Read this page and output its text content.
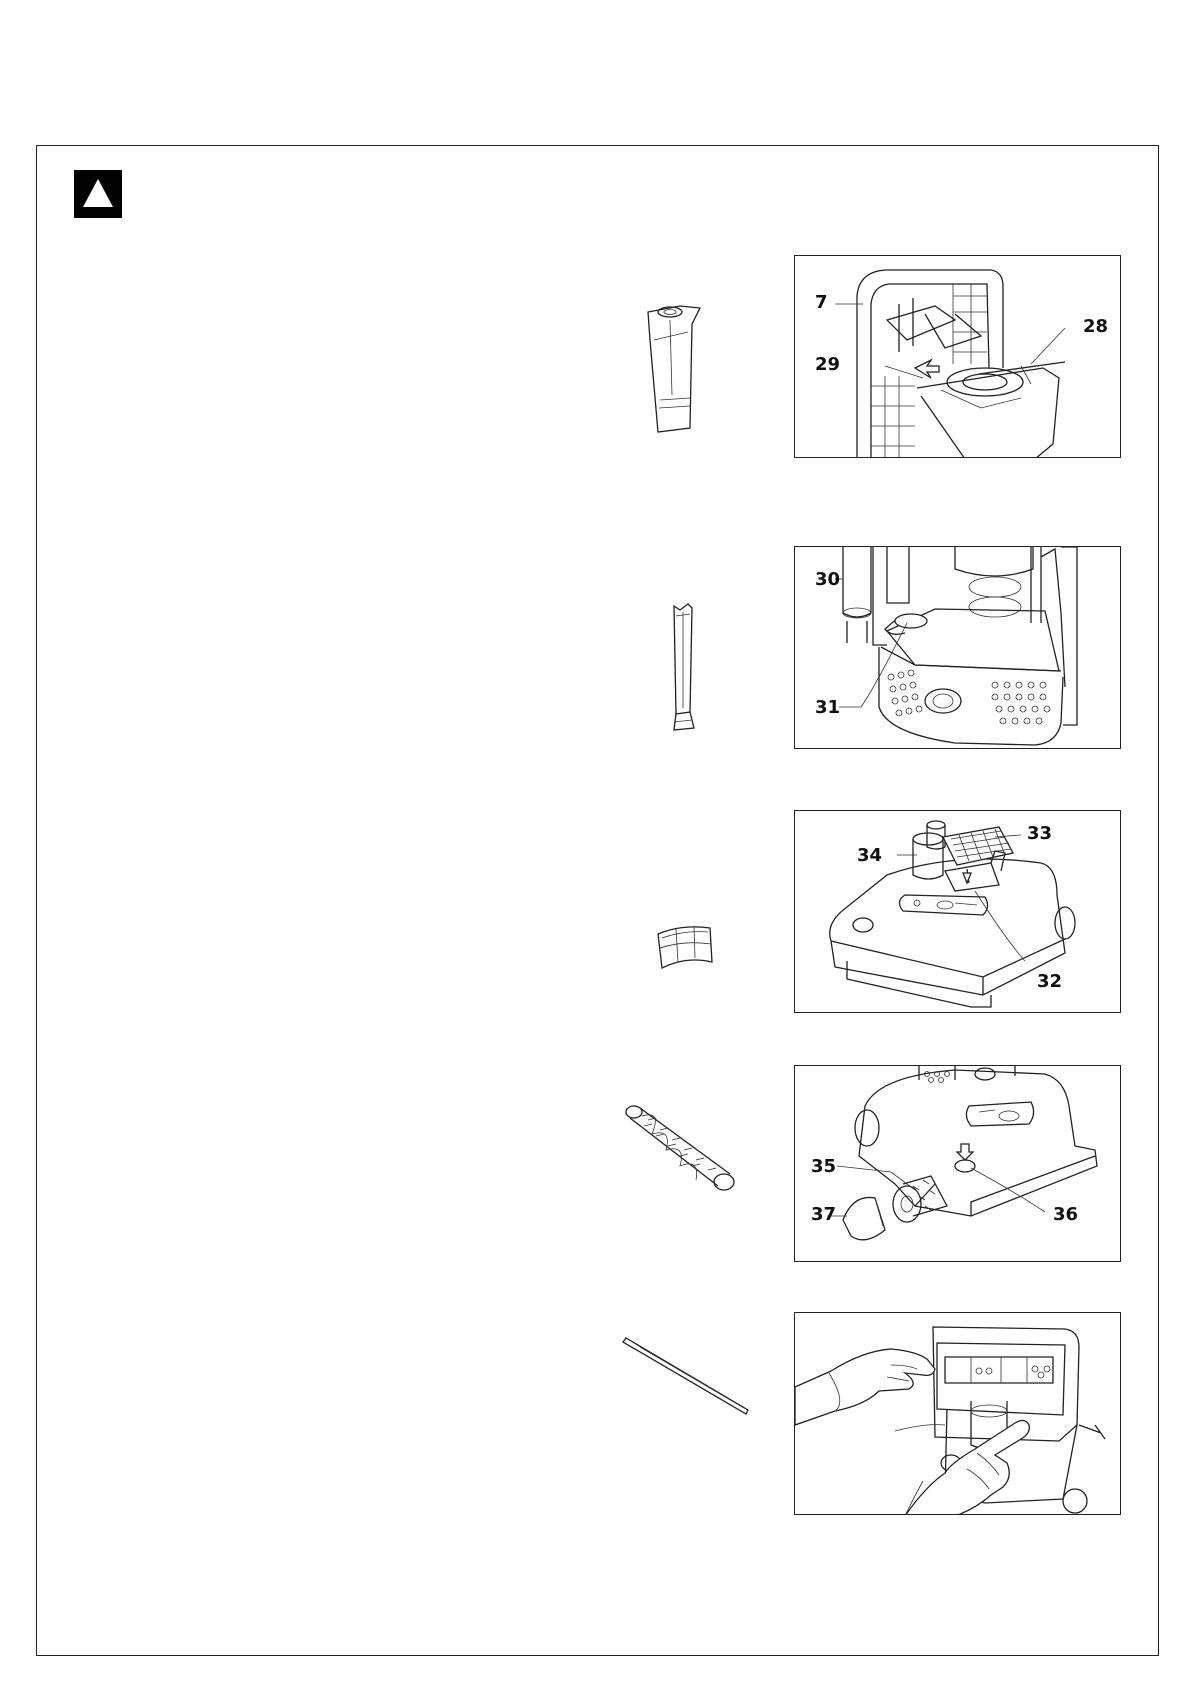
7
28
29
30
31
33
34
32
35
37	36
